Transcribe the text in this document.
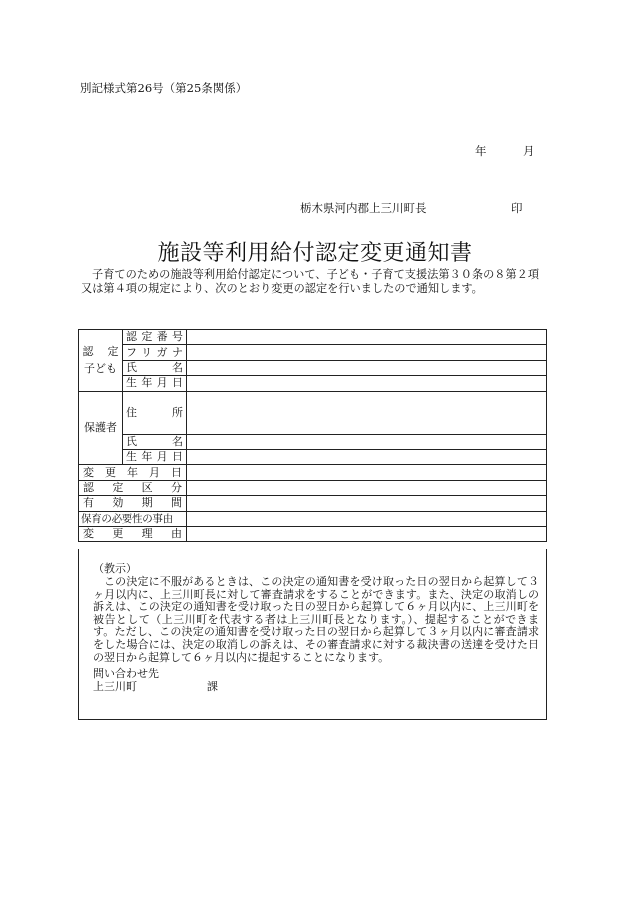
別記様式第26号（第25条関係）
年	月
栃木県河内郡上三川町長	印
施設等利用給付認定変更通知書
子育てのための施設等利用給付認定について、子ども・子育て支援法第３０条の８第２項又は第４項の規定により、次のとおり変更の認定を行いましたので通知します。
認　定
子ども	認定番号	
	フリガナ	
	氏　　名	
	生年月日	
保護者	住　　所	
	氏　　名	
	生年月日	
変更年月日		
認定区分		
有効期間		
保育の必要性の事由		
変更理由		
（教示）
この決定に不服があるときは、この決定の通知書を受け取った日の翌日から起算して３ヶ月以内に、上三川町長に対して審査請求をすることができます。また、決定の取消しの訴えは、この決定の通知書を受け取った日の翌日から起算して６ヶ月以内に、上三川町を被告として（上三川町を代表する者は上三川町長となります。）、提起することができます。ただし、この決定の通知書を受け取った日の翌日から起算して３ヶ月以内に審査請求をした場合には、決定の取消しの訴えは、その審査請求に対する裁決書の送達を受けた日の翌日から起算して６ヶ月以内に提起することになります。
問い合わせ先
上三川町	課
